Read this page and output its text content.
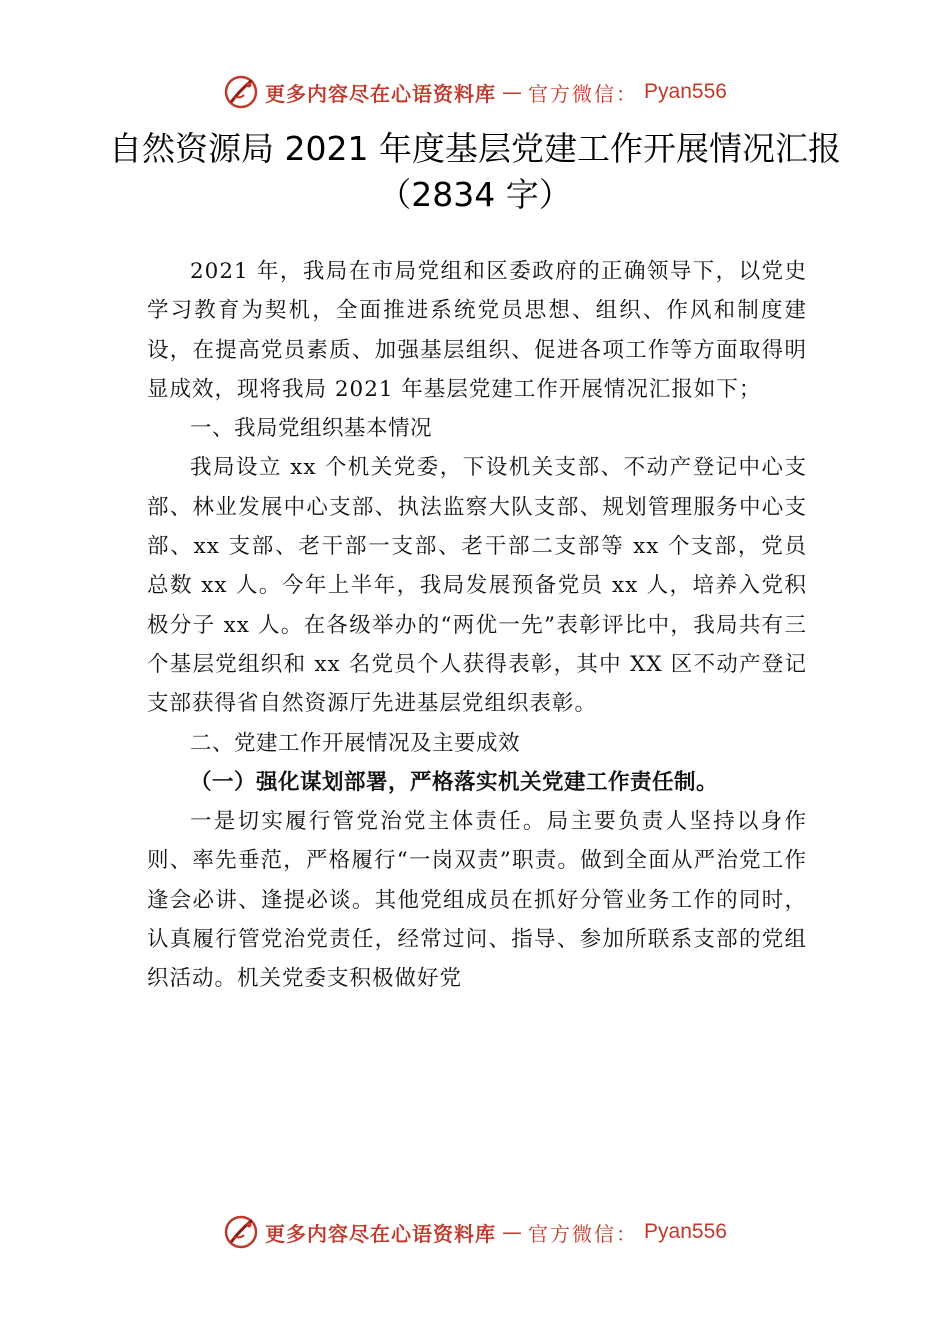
更多内容尽在心语资料库 — 官方微信： Pyan556
自然资源局 2021 年度基层党建工作开展情况汇报（2834 字）

2021 年，我局在市局党组和区委政府的正确领导下，以党史学习教育为契机，全面推进系统党员思想、组织、作风和制度建设，在提高党员素质、加强基层组织、促进各项工作等方面取得明显成效，现将我局 2021 年基层党建工作开展情况汇报如下；

一、我局党组织基本情况

我局设立 xx 个机关党委，下设机关支部、不动产登记中心支部、林业发展中心支部、执法监察大队支部、规划管理服务中心支部、xx 支部、老干部一支部、老干部二支部等 xx 个支部，党员总数 xx 人。今年上半年，我局发展预备党员 xx 人，培养入党积极分子 xx 人。在各级举办的“两优一先”表彰评比中，我局共有三个基层党组织和 xx 名党员个人获得表彰，其中 XX 区不动产登记支部获得省自然资源厅先进基层党组织表彰。

二、党建工作开展情况及主要成效

（一）强化谋划部署，严格落实机关党建工作责任制。

一是切实履行管党治党主体责任。局主要负责人坚持以身作则、率先垂范，严格履行“一岗双责”职责。做到全面从严治党工作逢会必讲、逢提必谈。其他党组成员在抓好分管业务工作的同时，认真履行管党治党责任，经常过问、指导、参加所联系支部的党组织活动。机关党委支积极做好党

更多内容尽在心语资料库 — 官方微信： Pyan556
